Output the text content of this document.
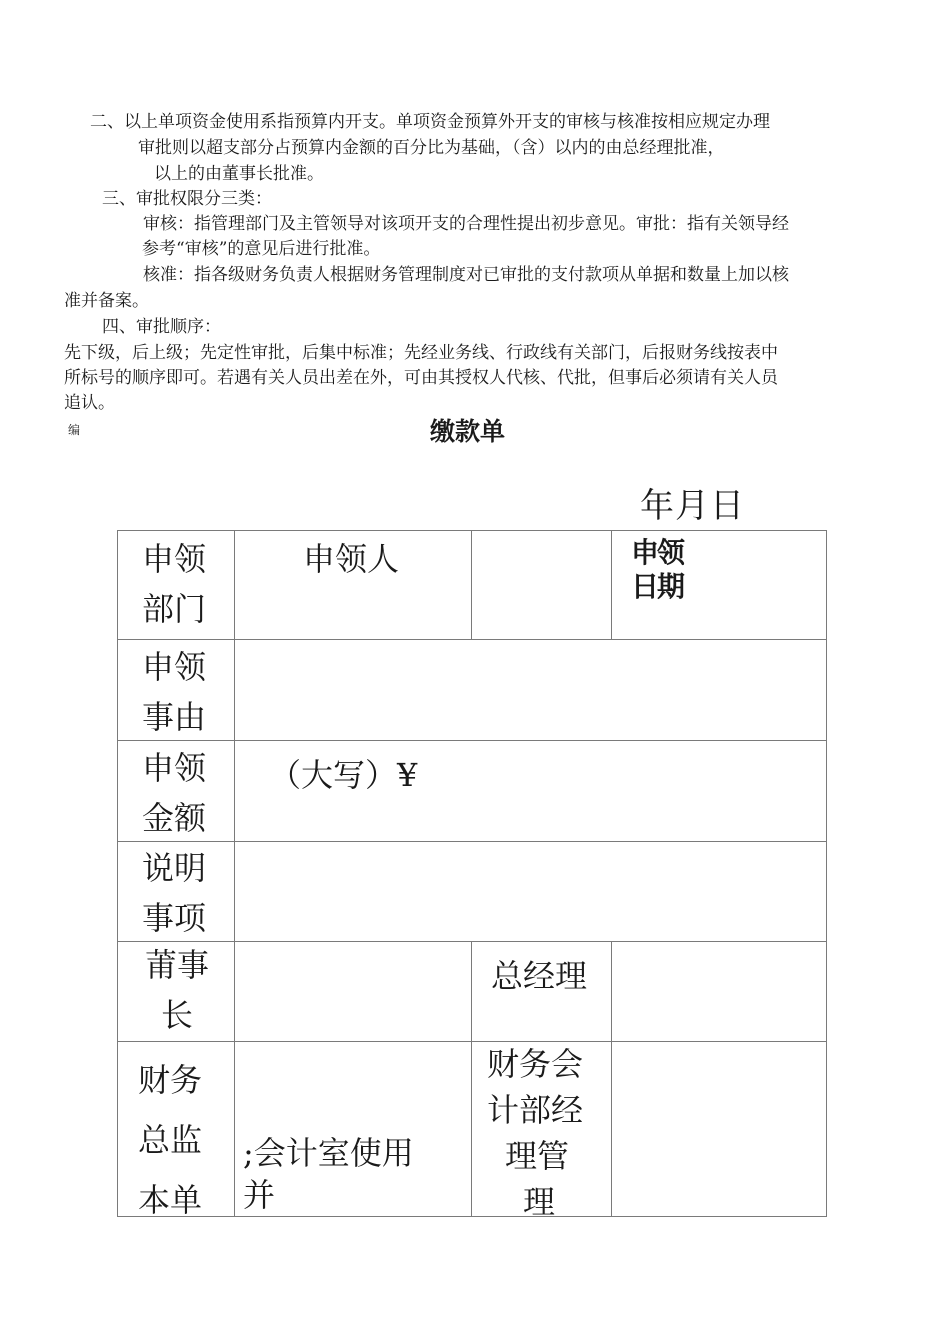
二、以上单项资金使用系指预算内开支。单项资金预算外开支的审核与核准按相应规定办理
审批则以超支部分占预算内金额的百分比为基础，（含）以内的由总经理批准，
以上的由董事长批准。
三、审批权限分三类：
审核：指管理部门及主管领导对该项开支的合理性提出初步意见。审批：指有关领导经
参考“审核”的意见后进行批准。
核准：指各级财务负责人根据财务管理制度对已审批的支付款项从单据和数量上加以核
准并备案。
四、审批顺序：
先下级，后上级；先定性审批，后集中标准；先经业务线、行政线有关部门，后报财务线按表中
所标号的顺序即可。若遇有关人员出差在外，可由其授权人代核、代批，但事后必须请有关人员
追认。
编	缴款单
年月日
申领
部门
申领人	申领
日期
申领
事由
申领
金额
（大写）¥
说明
事项
莆事
长
总经理
财务
总监
本单
;会计室使用
并
财务会
计部经
理管
理
